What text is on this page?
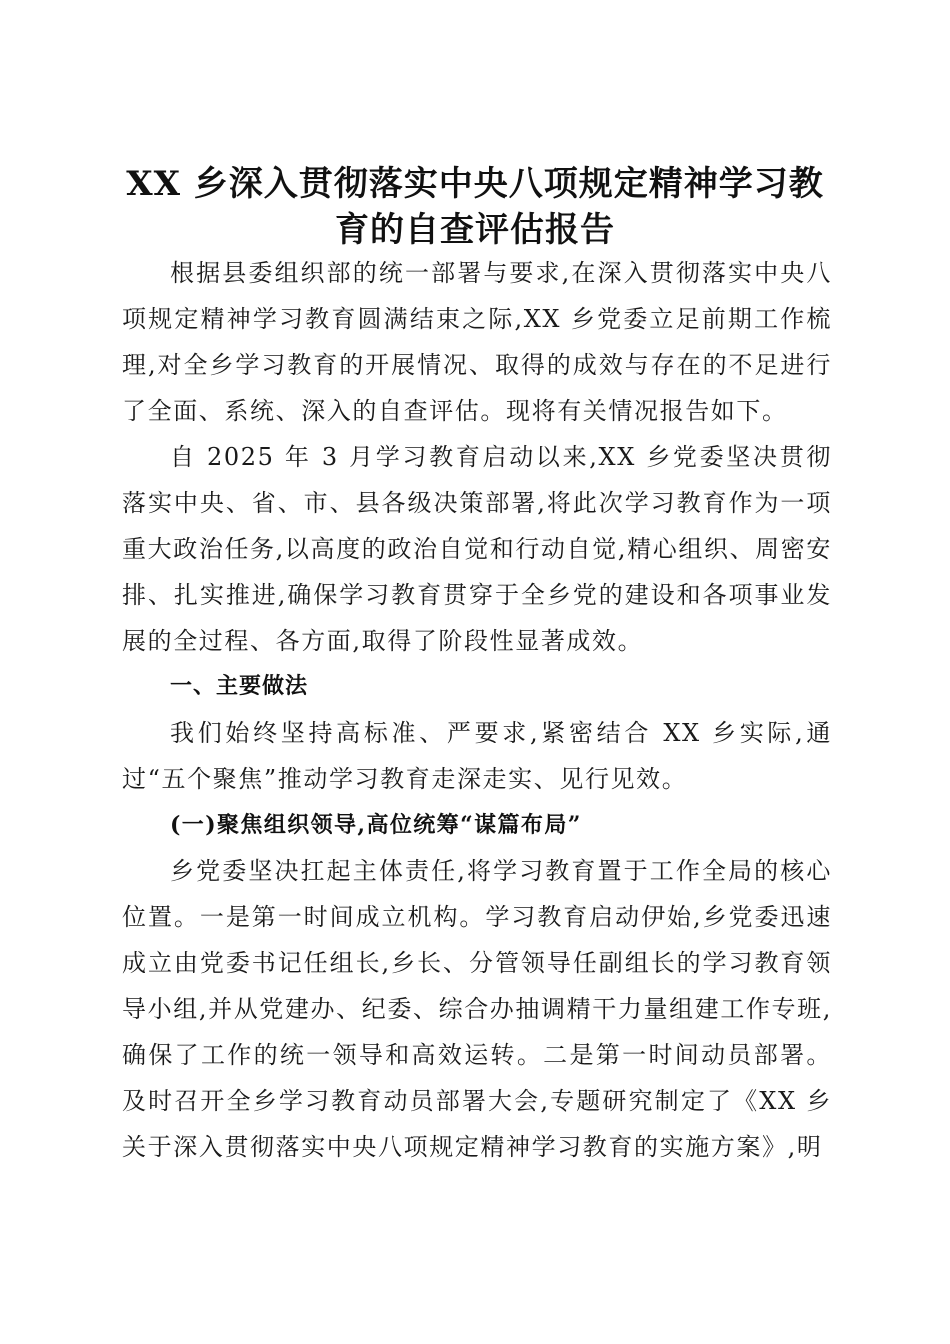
XX 乡深入贯彻落实中央八项规定精神学习教
育的自查评估报告

根据县委组织部的统一部署与要求,在深入贯彻落实中央八项规定精神学习教育圆满结束之际,XX 乡党委立足前期工作梳理,对全乡学习教育的开展情况、取得的成效与存在的不足进行了全面、系统、深入的自查评估。现将有关情况报告如下。

自 2025 年 3 月学习教育启动以来,XX 乡党委坚决贯彻落实中央、省、市、县各级决策部署,将此次学习教育作为一项重大政治任务,以高度的政治自觉和行动自觉,精心组织、周密安排、扎实推进,确保学习教育贯穿于全乡党的建设和各项事业发展的全过程、各方面,取得了阶段性显著成效。

一、主要做法

我们始终坚持高标准、严要求,紧密结合 XX 乡实际,通过“五个聚焦”推动学习教育走深走实、见行见效。

(一)聚焦组织领导,高位统筹“谋篇布局”

乡党委坚决扛起主体责任,将学习教育置于工作全局的核心位置。一是第一时间成立机构。学习教育启动伊始,乡党委迅速成立由党委书记任组长,乡长、分管领导任副组长的学习教育领导小组,并从党建办、纪委、综合办抽调精干力量组建工作专班,确保了工作的统一领导和高效运转。二是第一时间动员部署。及时召开全乡学习教育动员部署大会,专题研究制定了《XX 乡关于深入贯彻落实中央八项规定精神学习教育的实施方案》,明
